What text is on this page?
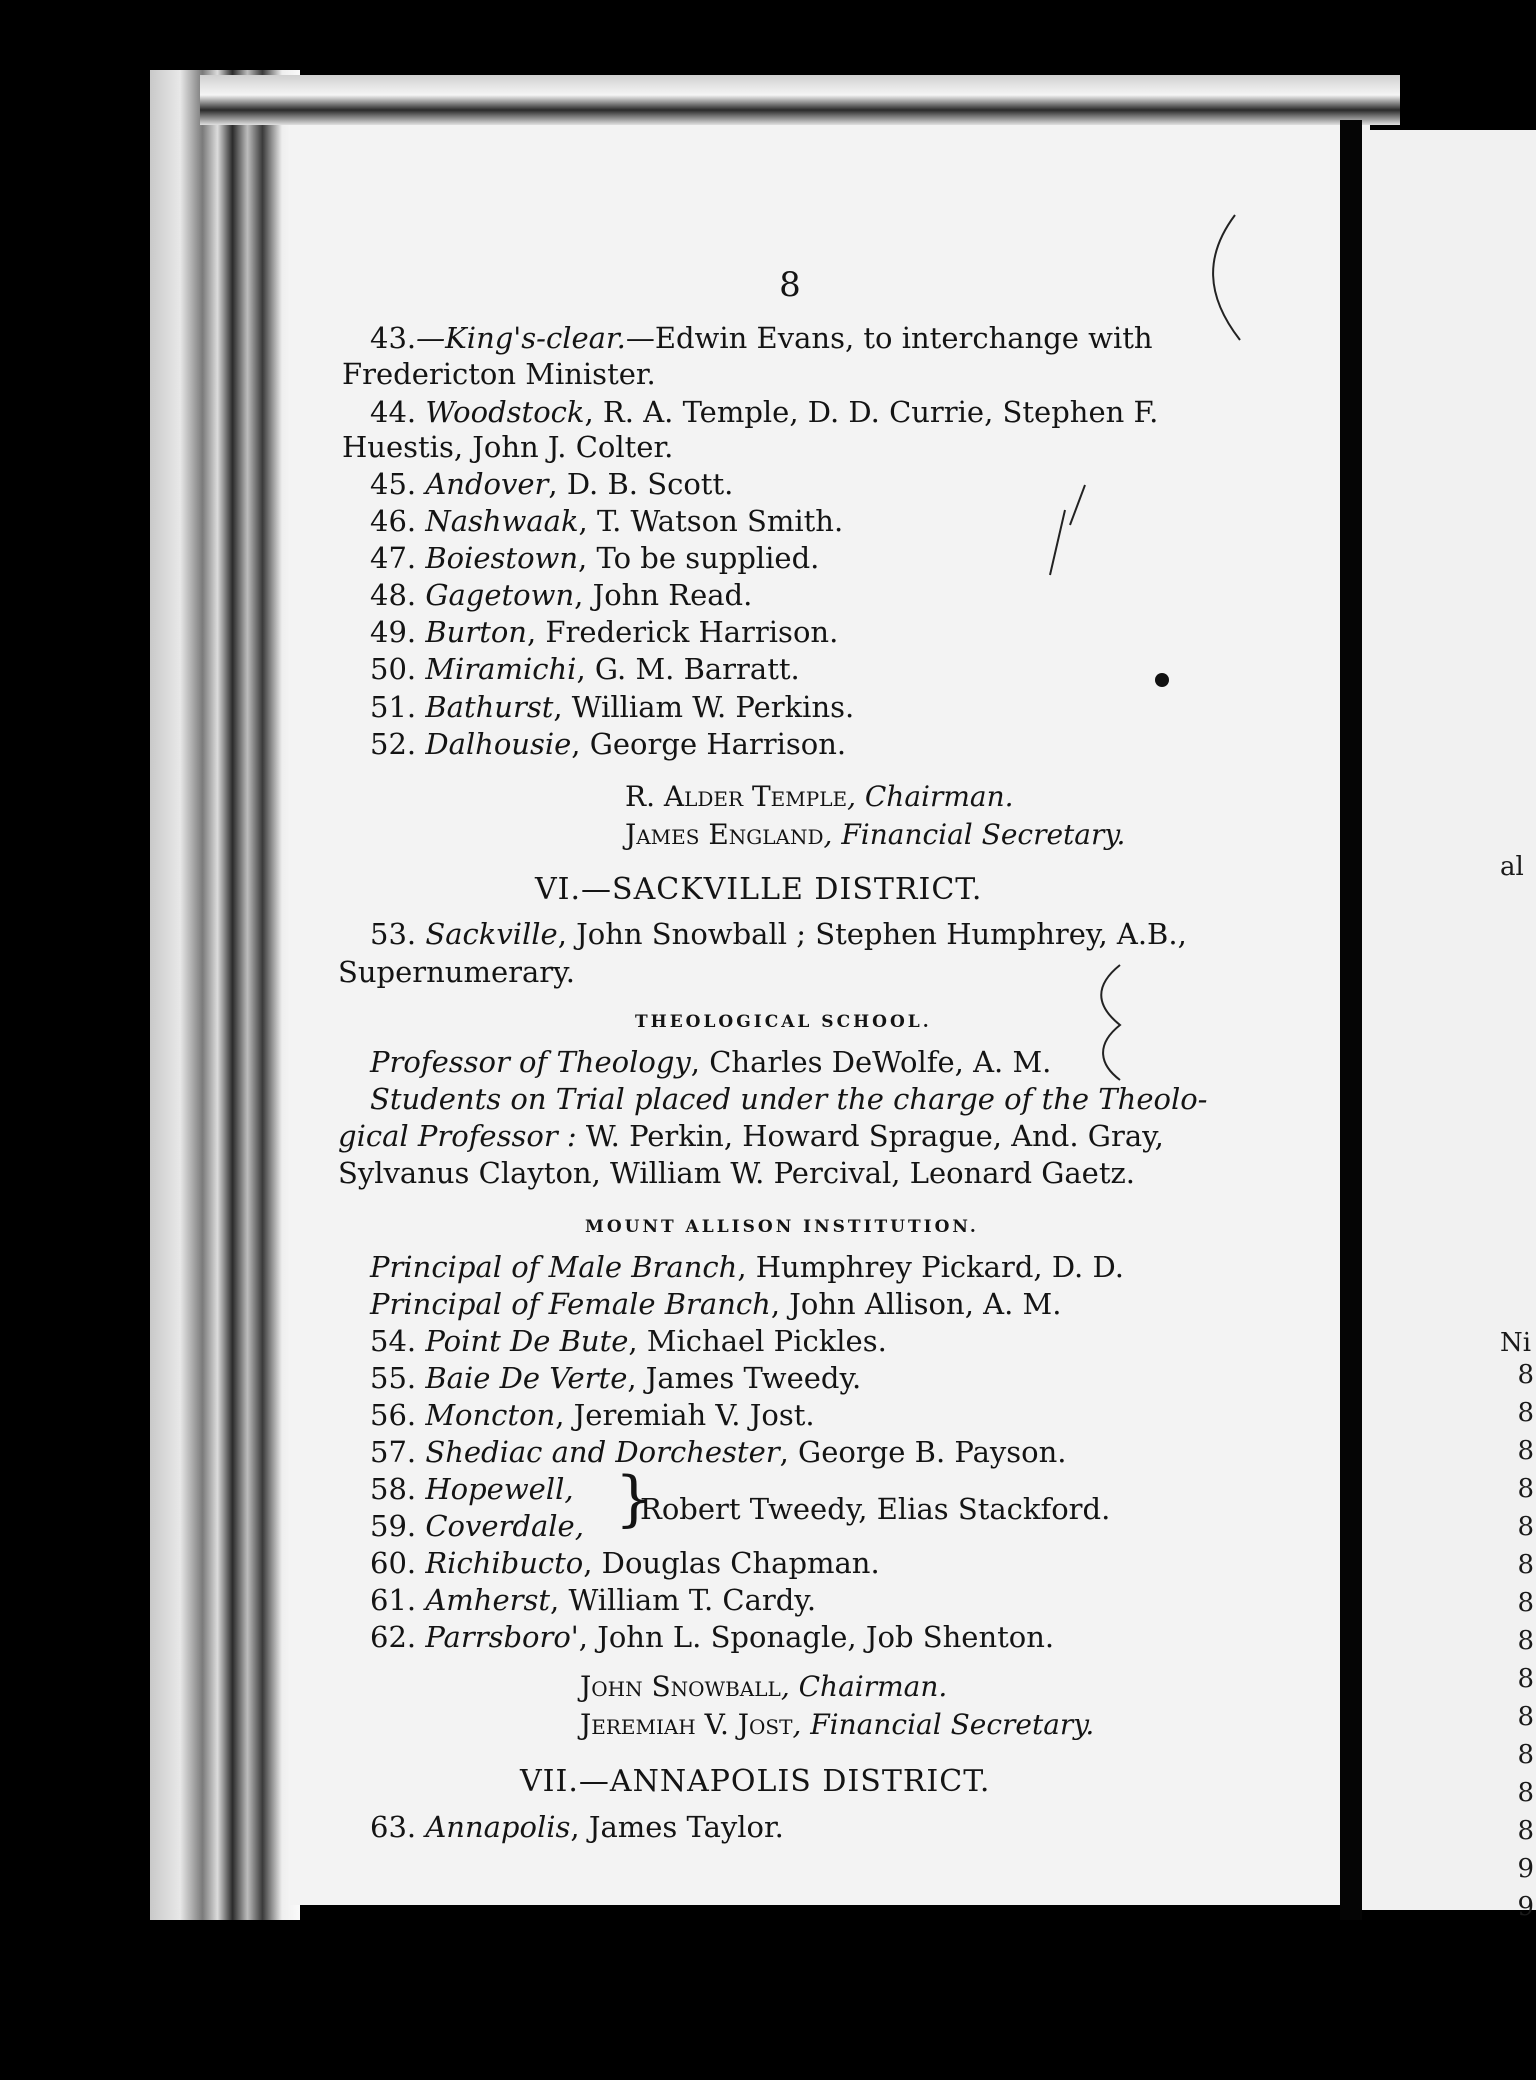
8
43.—King's-clear.—Edwin Evans, to interchange with
Fredericton Minister.
44. Woodstock, R. A. Temple, D. D. Currie, Stephen F.
Huestis, John J. Colter.
45. Andover, D. B. Scott.
46. Nashwaak, T. Watson Smith.
47. Boiestown, To be supplied.
48. Gagetown, John Read.
49. Burton, Frederick Harrison.
50. Miramichi, G. M. Barratt.
51. Bathurst, William W. Perkins.
52. Dalhousie, George Harrison.
R. Alder Temple, Chairman.
James England, Financial Secretary.
VI.—SACKVILLE DISTRICT.
53. Sackville, John Snowball ; Stephen Humphrey, A.B.,
Supernumerary.
THEOLOGICAL SCHOOL.
Professor of Theology, Charles DeWolfe, A. M.
Students on Trial placed under the charge of the Theolo-
gical Professor : W. Perkin, Howard Sprague, And. Gray,
Sylvanus Clayton, William W. Percival, Leonard Gaetz.
MOUNT ALLISON INSTITUTION.
Principal of Male Branch, Humphrey Pickard, D. D.
Principal of Female Branch, John Allison, A. M.
54. Point De Bute, Michael Pickles.
55. Baie De Verte, James Tweedy.
56. Moncton, Jeremiah V. Jost.
57. Shediac and Dorchester, George B. Payson.
58. Hopewell,
59. Coverdale, }
Robert Tweedy, Elias Stackford.
60. Richibucto, Douglas Chapman.
61. Amherst, William T. Cardy.
62. Parrsboro', John L. Sponagle, Job Shenton.
John Snowball, Chairman.
Jeremiah V. Jost, Financial Secretary.
VII.—ANNAPOLIS DISTRICT.
63. Annapolis, James Taylor.
al
Ni
8
8
8
8
8
8
8
8
8
8
8
8
8
9
9
